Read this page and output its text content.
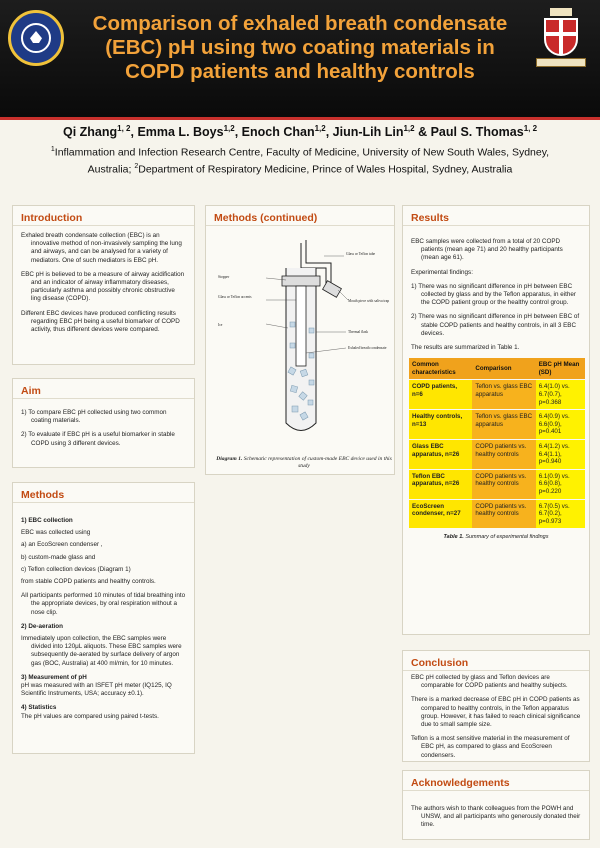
Comparison of exhaled breath condensate
(EBC) pH using two coating materials in
COPD patients and healthy controls
Qi Zhang$^{1, 2}$, Emma L. Boys$^{1,2}$, Enoch Chan$^{1,2}$, Jiun-Lih Lin$^{1,2}$ & Paul S. Thomas$^{1, 2}$
$^1$Inflammation and Infection Research Centre, Faculty of Medicine, University of New South Wales, Sydney,
Australia; $^2$Department of Respiratory Medicine, Prince of Wales Hospital, Sydney, Australia
Introduction

Exhaled breath condensate collection (EBC) is an innovative method of non-invasively sampling the lung and airways, and can be analysed for a variety of mediators. One of such mediators is EBC pH.

EBC pH is believed to be a measure of airway acidification and an indicator of airway inflammatory diseases, particularly asthma and possibly chronic obstructive ling disease (COPD).

Different EBC devices have produced conflicting results regarding EBC pH being a useful biomarker of COPD activity, thus different devices were compared.

Aim

1) To compare EBC pH collected using two common coating materials.

2) To evaluate if EBC pH is a useful biomarker in stable COPD using 3 different devices.

Methods
1) EBC collection

EBC was collected using

a) an EcoScreen condenser ,
b) custom-made glass and
c) Teflon collection devices (Diagram 1)

from stable COPD patients and healthy controls.

All participants performed 10 minutes of tidal breathing into the appropriate devices, by oral respiration without a nose clip.

2) De-aeration

Immediately upon collection, the EBC samples were divided into 120μL aliquots. These EBC samples were subsequently de-aerated by surface delivery of argon gas (BOC, Australia) at 400 ml/min, for 10 minutes.

3) Measurement of pH

pH was measured with an ISFET pH meter (IQ125, IQ Scientific Instruments, USA; accuracy ±0.1).

4) Statistics

The pH values are compared using paired t-tests.

Methods (continued)
Glass or Teflon tube
Stopper
Glass or Teflon accents
Mouth piece with saliva trap
Ice
Thermal flask
Exhaled breath condensate
Diagram 1. Schematic representation of custom-made EBC device used in this study
Results

EBC samples were collected from a total of 20 COPD patients (mean age 71) and 20 healthy participants (mean age 61).

Experimental findings:

1) There was no significant difference in pH between EBC collected by glass and by the Teflon apparatus, in either the COPD patient group or the healthy control group.

2) There was no significant difference in pH between EBC of stable COPD patients and healthy controls, in all 3 EBC devices.

The results are summarized in Table 1.

Common characteristics	Comparison	EBC pH Mean (SD)
COPD patients, n=6	Teflon vs. glass EBC apparatus	6.4(1.0) vs. 6.7(0.7), p=0.368
Healthy controls, n=13	Teflon vs. glass EBC apparatus	6.4(0.9) vs. 6.6(0.9), p=0.401
Glass EBC apparatus, n=26	COPD patients vs. healthy controls	6.4(1.2) vs. 6.4(1.1), p=0.940
Teflon EBC apparatus, n=26	COPD patients vs. healthy controls	6.1(0.9) vs. 6.6(0.8), p=0.220
EcoScreen condenser, n=27	COPD patients vs. healthy controls	6.7(0.5) vs. 6.7(0.2), p=0.973
Table 1. Summary of experimental findings
Conclusion

EBC pH collected by glass and Teflon devices are comparable for COPD patients and healthy subjects.

There is a marked decrease of EBC pH in COPD patients as compared to healthy controls, in the Teflon apparatus group. However, it has failed to reach clinical significance due to small sample size.

Teflon is a most sensitive material in the measurement of EBC pH, as compared to glass and EcoScreen condensers.

Acknowledgements

The authors wish to thank colleagues from the POWH and UNSW, and all participants who generously donated their time.
